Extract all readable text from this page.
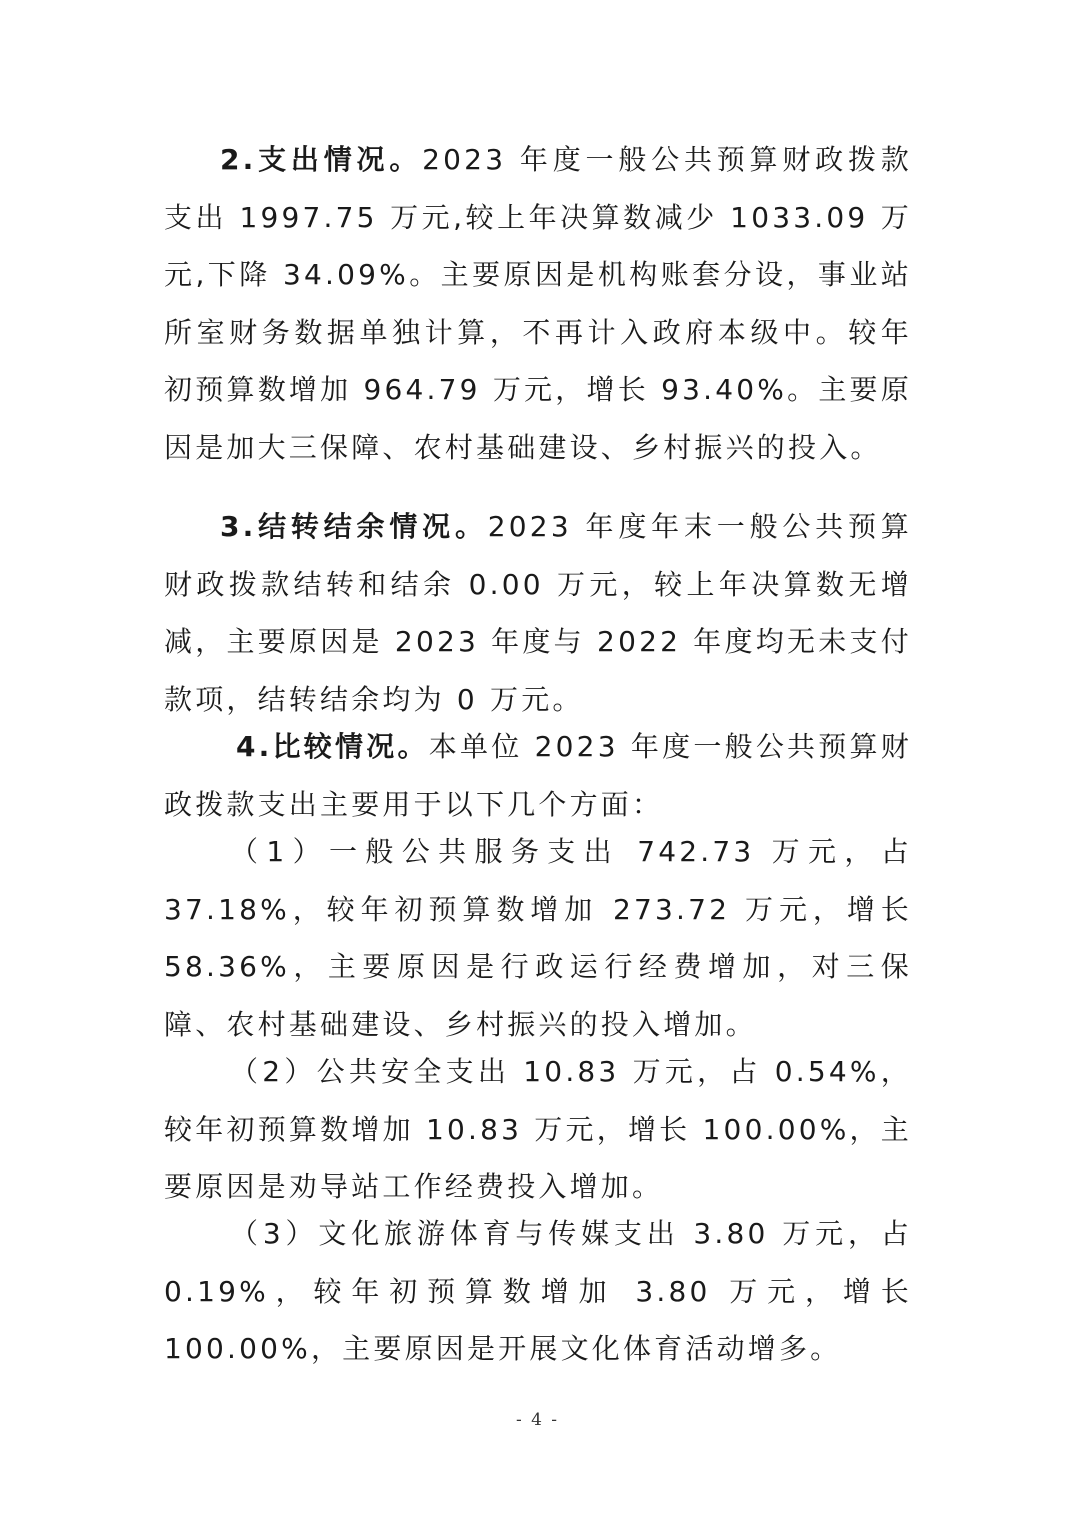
2.支出情况。2023 年度一般公共预算财政拨款支出 1997.75 万元,较上年决算数减少 1033.09 万元,下降 34.09%。主要原因是机构账套分设，事业站所室财务数据单独计算，不再计入政府本级中。较年初预算数增加 964.79 万元，增长 93.40%。主要原因是加大三保障、农村基础建设、乡村振兴的投入。

3.结转结余情况。2023 年度年末一般公共预算财政拨款结转和结余 0.00 万元，较上年决算数无增减，主要原因是 2023 年度与 2022 年度均无未支付款项，结转结余均为 0 万元。

4.比较情况。本单位 2023 年度一般公共预算财政拨款支出主要用于以下几个方面：

（1）一般公共服务支出 742.73 万元，占 37.18%，较年初预算数增加 273.72 万元，增长 58.36%，主要原因是行政运行经费增加，对三保障、农村基础建设、乡村振兴的投入增加。

（2）公共安全支出 10.83 万元，占 0.54%，较年初预算数增加 10.83 万元，增长 100.00%，主要原因是劝导站工作经费投入增加。

（3）文化旅游体育与传媒支出 3.80 万元，占 0.19%，较年初预算数增加 3.80 万元，增长 100.00%，主要原因是开展文化体育活动增多。

- 4 -
